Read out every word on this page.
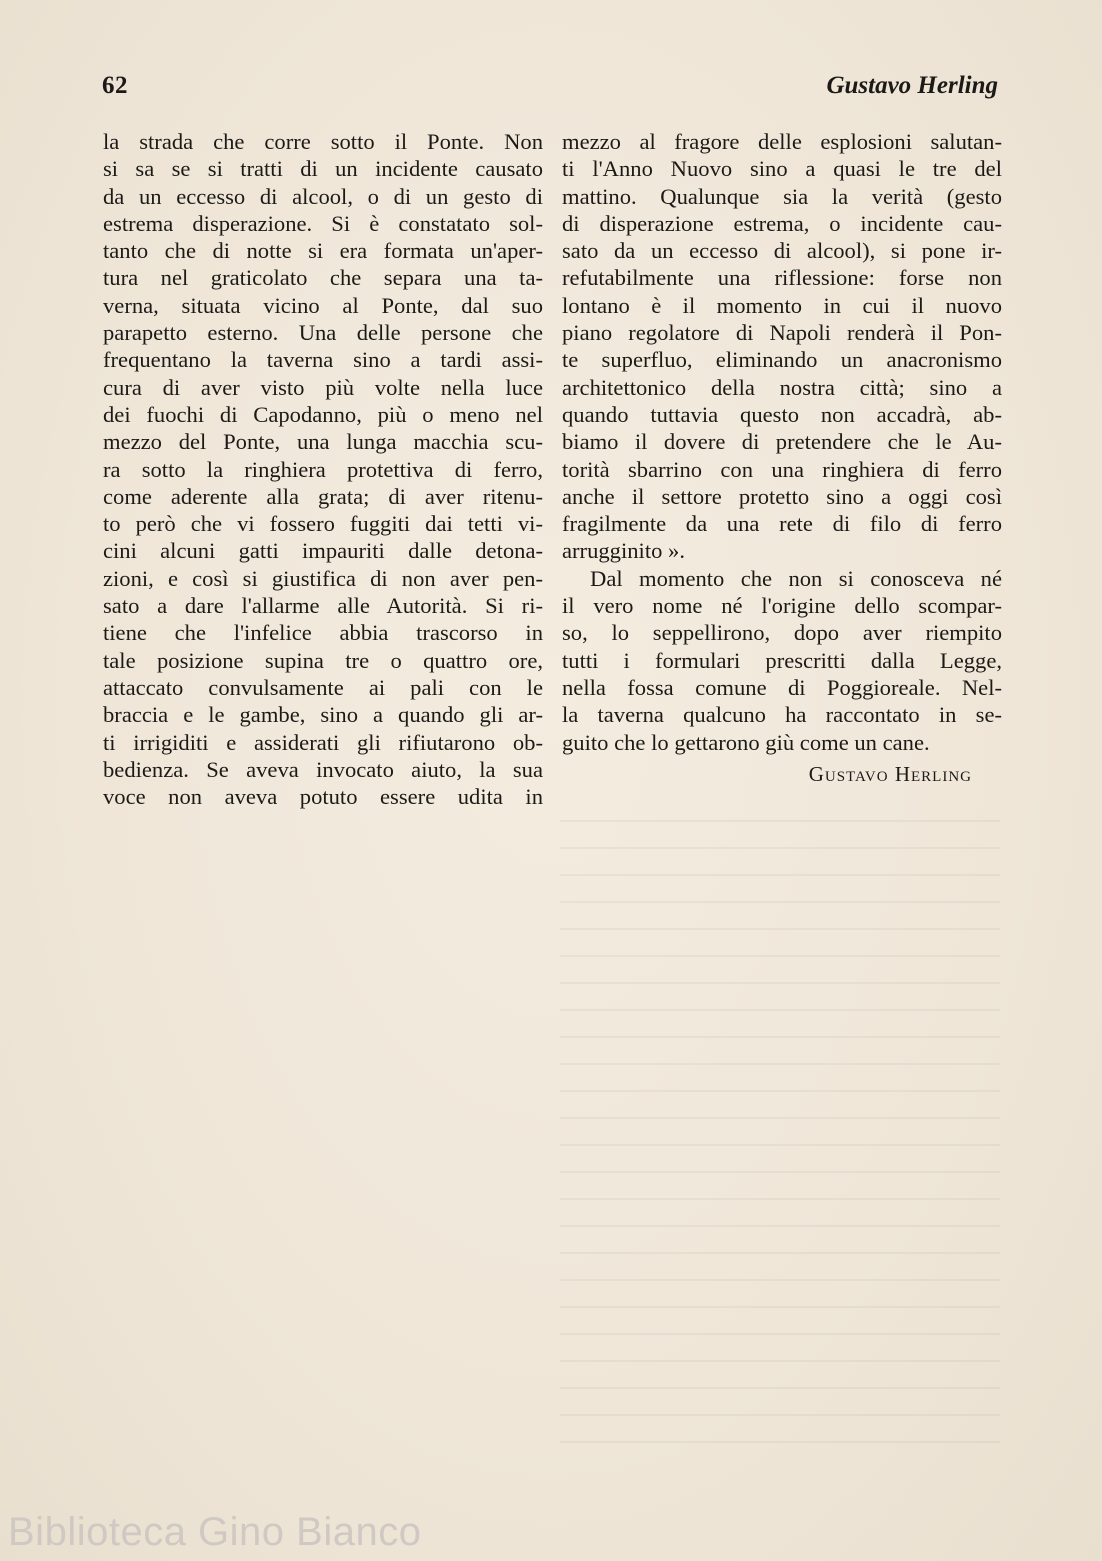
62	Gustavo Herling
la strada che corre sotto il Ponte. Non
si sa se si tratti di un incidente causato
da un eccesso di alcool, o di un gesto di
estrema disperazione. Si è constatato sol-
tanto che di notte si era formata un'aper-
tura nel graticolato che separa una ta-
verna, situata vicino al Ponte, dal suo
parapetto esterno. Una delle persone che
frequentano la taverna sino a tardi assi-
cura di aver visto più volte nella luce
dei fuochi di Capodanno, più o meno nel
mezzo del Ponte, una lunga macchia scu-
ra sotto la ringhiera protettiva di ferro,
come aderente alla grata; di aver ritenu-
to però che vi fossero fuggiti dai tetti vi-
cini alcuni gatti impauriti dalle detona-
zioni, e così si giustifica di non aver pen-
sato a dare l'allarme alle Autorità. Si ri-
tiene che l'infelice abbia trascorso in
tale posizione supina tre o quattro ore,
attaccato convulsamente ai pali con le
braccia e le gambe, sino a quando gli ar-
ti irrigiditi e assiderati gli rifiutarono ob-
bedienza. Se aveva invocato aiuto, la sua
voce non aveva potuto essere udita in
mezzo al fragore delle esplosioni salutan-
ti l'Anno Nuovo sino a quasi le tre del
mattino. Qualunque sia la verità (gesto
di disperazione estrema, o incidente cau-
sato da un eccesso di alcool), si pone ir-
refutabilmente una riflessione: forse non
lontano è il momento in cui il nuovo
piano regolatore di Napoli renderà il Pon-
te superfluo, eliminando un anacronismo
architettonico della nostra città; sino a
quando tuttavia questo non accadrà, ab-
biamo il dovere di pretendere che le Au-
torità sbarrino con una ringhiera di ferro
anche il settore protetto sino a oggi così
fragilmente da una rete di filo di ferro
arrugginito ».
Dal momento che non si conosceva né
il vero nome né l'origine dello scompar-
so, lo seppellirono, dopo aver riempito
tutti i formulari prescritti dalla Legge,
nella fossa comune di Poggioreale. Nel-
la taverna qualcuno ha raccontato in se-
guito che lo gettarono giù come un cane.
Gustavo Herling
Biblioteca Gino Bianco
